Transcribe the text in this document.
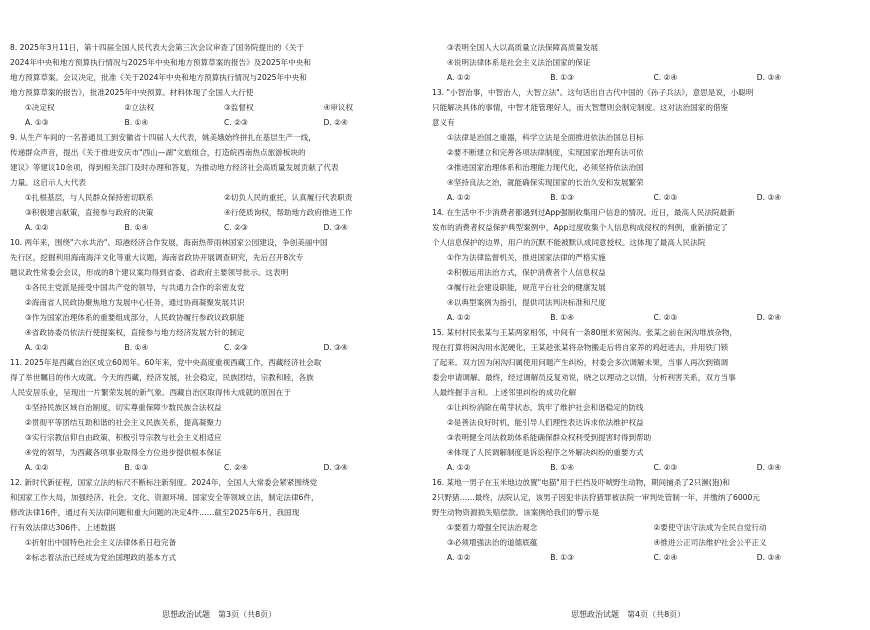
8. 2025年3月11日，第十四届全国人民代表大会第三次会议审查了国务院提出的《关于
2024年中央和地方预算执行情况与2025年中央和地方预算草案的报告》及2025年中央和
地方预算草案。会议决定，批准《关于2024年中央和地方预算执行情况与2025年中央和
地方预算草案的报告》，批准2025年中央预算。材料体现了全国人大行使
①决定权	②立法权	③监督权	④审议权
A. ①③	B. ①④	C. ②③	D. ②④
9. 从生产车间的一名普通员工到安徽省十四届人大代表，姚美娥始终拼扎在基层生产一线，
传递群众声音，提出《关于推进安庆市"西山—湖"文旅组合，打造皖西南热点旅游板块的
建议》等建议10余项，得到相关部门及时办理和答复，为推动地方经济社会高质量发展贡献了代表
力量。这启示人大代表
①扎根基层，与人民群众保持密切联系	②切负人民的重托，认真履行代表职责
③积极建言献策，直接参与政府的决策	④行使质询权，帮助地方政府推进工作
A. ①②	B. ①④	C. ②③	D. ③④
10. 两年来，围绕"六水共治"、琼港经济合作发展，海南热带雨林国家公园建设，争创美丽中国
先行区，挖掘利用海南海洋文化等重大议题，海南省政协开展调查研究，先后召开8次专
题议政性常委会会议，形成的8个建议案均得到省委、省政府主要领导批示。这表明
①各民主党派是接受中国共产党的领导，与共通力合作的亲密友党
②海南省人民政协聚焦地方发展中心任务，通过协商凝聚发展共识
③作为国家治理体系的重要组成部分，人民政协履行参政议政职能
④省政协委员依法行使提案权，直接参与地方经济发展方针的制定
A. ①②	B. ①④	C. ②③	D. ③④
11. 2025年是西藏自治区成立60周年。60年来，党中央高度重视西藏工作，西藏经济社会取
得了举世瞩目的伟大成就。今天的西藏，经济发展，社会稳定，民族团结，宗教和睦，各族
人民安居乐业，呈现出一片繁荣发展的新气象。西藏自治区取得伟大成就的原因在于
①坚持民族区域自治制度，切实尊重保障少数民族合法权益
②贯彻平等团结互助和谐的社会主义民族关系，提高凝聚力
③实行宗教信仰自由政策，积极引导宗教与社会主义相适应
④党的领导，为西藏各项事业取得全方位进步提供根本保证
A. ①②	B. ①③	C. ②④	D. ③④
12. 新时代新征程，国家立法的标尺不断标注新刻度。2024年，全国人大常委会紧紧围绕党
和国家工作大局，加强经济、社会、文化、资源环境、国家安全等领域立法，制定法律6件，
修改法律16件，通过有关法律问题和重大问题的决定4件……截至2025年6月，我国现
行有效法律达306件。上述数据
①折射出中国特色社会主义法律体系日趋完备
②标志着法治已经成为党治国理政的基本方式
③表明全国人大以高质量立法保障高质量发展
④说明法律体系是社会主义法治国家的保证
A. ①②	B. ①③	C. ②④	D. ③④
13. "小智治事，中智治人，大智立法"。这句话出自古代中国的《孙子兵法》，意思是说，小聪明
只能解决具体的事情，中智才能管理好人，而大智慧则会制定制度。这对法治国家的借鉴
意义有
①法律是治国之重器，科学立法是全面推进依法治国总目标
②要不断建立和完善各项法律制度，实现国家治理有法可依
③推进国家治理体系和治理能力现代化，必须坚持依法治国
④坚持良法之治，就能确保实现国家的长治久安和发展繁荣
A. ①②	B. ①③	C. ②③	D. ③④
14. 在生活中不少消费者都遇到过App强制收集用户信息的情况。近日，最高人民法院最新
发布的消费者权益保护典型案例中，App过度收集个人信息构成侵权的判例，重新描定了
个人信息保护的边界，用户的沉默不能被默认成同意授权。这体现了最高人民法院
①作为法律监督机关，推进国家法律的严格实施
②积极运用法治方式，保护消费者个人信息权益
③履行社会建设职能，规范平台社会的健康发展
④以典型案例为指引，提供司法判决标准和尺度
A. ①②	B. ①④	C. ②③	D. ②④
15. 某村村民张某与王某两家相邻，中间有一条80厘米宽闲沟。张某之前在闲沟堆放杂物，
现在打算将闲沟用水泥硬化，王某趁张某将杂物搬走后将自家养的鸡赶进去，并用铁门锁
了起来。双方因为闲沟归属使用问题产生纠纷，村委会多次调解未果，当事人再次到镇调
委会申请调解。最终，经过调解员反复劝说，晓之以理动之以情，分析利害关系，双方当事
人最终握手言和。上述邻里纠纷的成功化解
①让纠纷消除在萌芽状态，筑牢了维护社会和谐稳定的防线
②是善法良好时机，能引导人们理性表达诉求依法维护权益
③表明健全司法救助体系能确保群众权利受到提害时得到帮助
④体现了人民调解制度是诉讼程序之外解决纠纷的重要方式
A. ①②	B. ①④	C. ②③	D. ③④
16. 某地一男子在玉米地边放置"电猫"用于拦挡及吓唬野生动物，期间捕杀了2只濒(狍)和
2只野猪……最终，法院认定，该男子因犯非法狩猎罪被法院一审判处管制一年，并缴纳了6000元
野生动物资源损失赔偿款。该案例给我们的警示是
①要着力增强全民法治观念	②要使守法守法成为全民自觉行动
③必须增强法治的道德底蕴	④推进公正司法维护社会公平正义
A. ①②	B. ①③	C. ②④	D. ③④
思想政治试题　第3页（共8页）	思想政治试题　第4页（共8页）
